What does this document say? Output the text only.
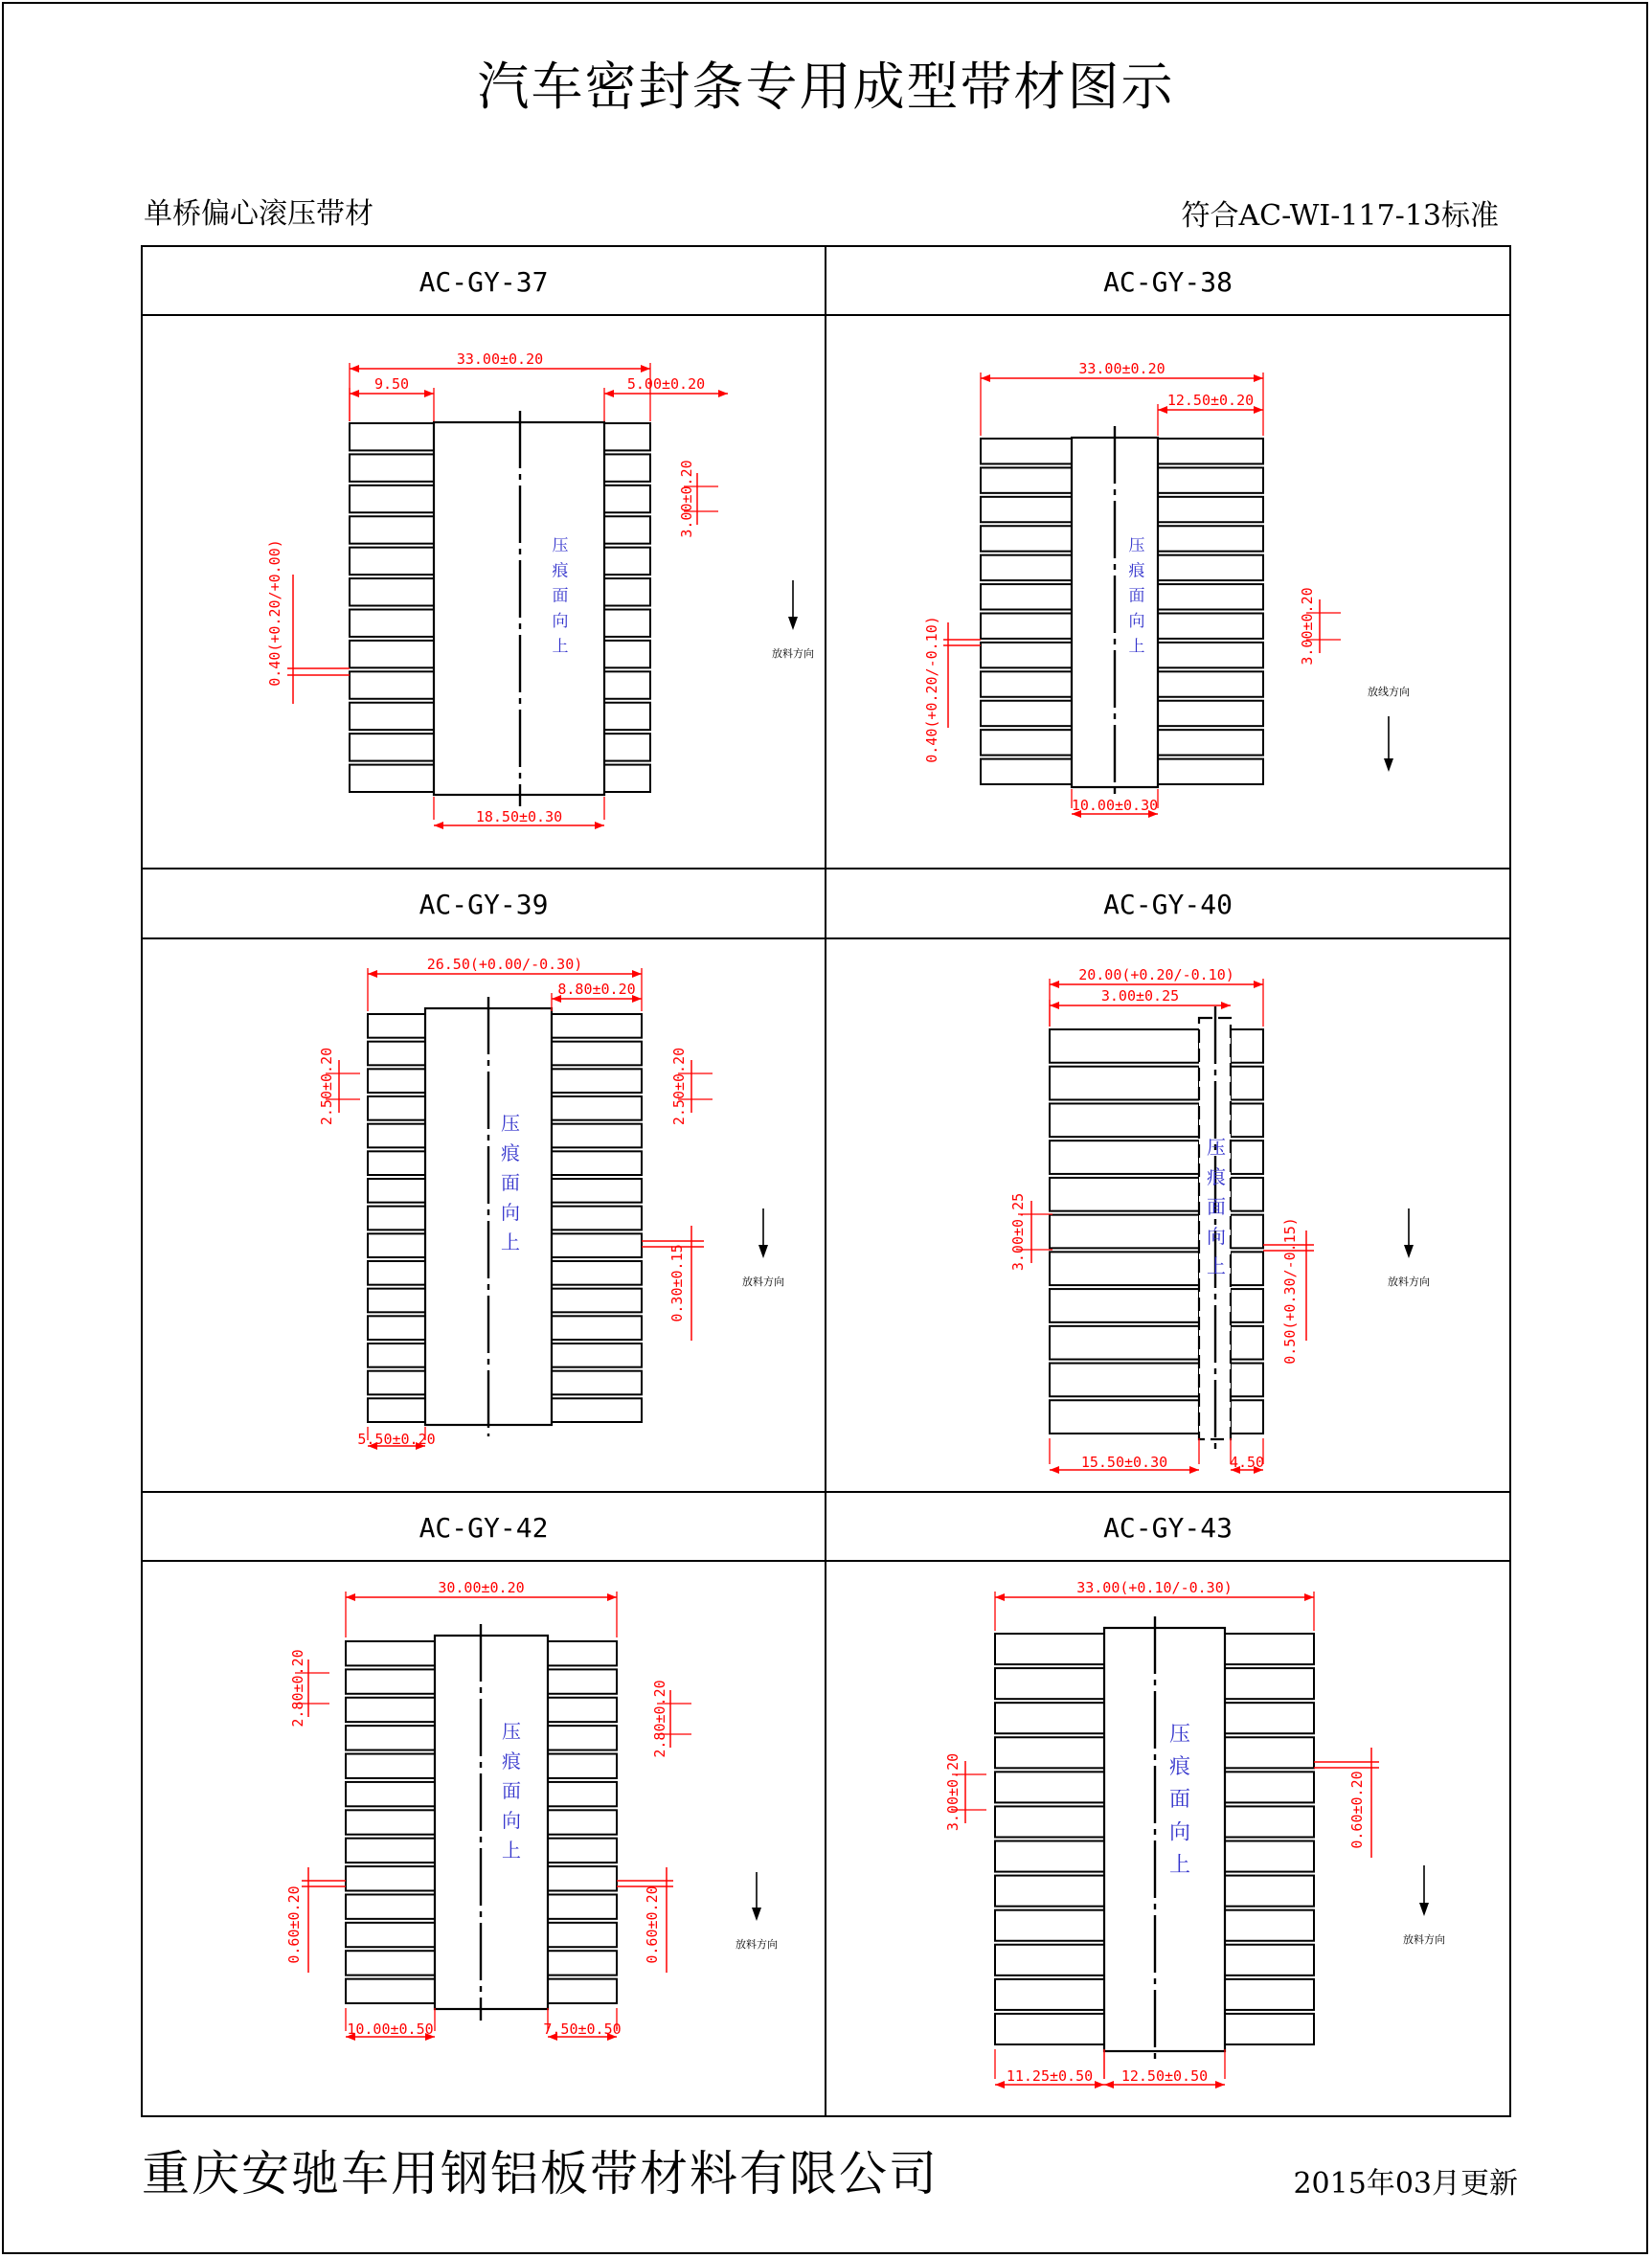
汽车密封条专用成型带材图示
单桥偏心滚压带材	符合AC-WI-117-13标准
重庆安驰车用钢铝板带材料有限公司	2015年03月更新
AC-GY-37
33.00±0.20
9.50	5.00±0.20
18.50±0.30
3.00±0.20
0.40(+0.20/+0.00)	压
痕
面
向
上	放料方向
AC-GY-38
33.00±0.20
12.50±0.20
10.00±0.30
3.00±0.20
0.40(+0.20/-0.10)
压
痕
面
向
上
放线方向
AC-GY-39
26.50(+0.00/-0.30)
8.80±0.20
5.50±0.20
2.50±0.20	2.50±0.20
0.30±0.15
压
痕
面
向
上
放料方向
AC-GY-40
20.00(+0.20/-0.10)
3.00±0.25
15.50±0.30	4.50
3.00±0.25	0.50(+0.30/-0.15)
压
痕
面
向
上
放料方向
AC-GY-42
30.00±0.20
10.00±0.50	7.50±0.50
2.80±0.20	2.80±0.20
0.60±0.20	0.60±0.20
压
痕
面
向
上
放料方向
AC-GY-43
33.00(+0.10/-0.30)
11.25±0.50 12.50±0.50
3.00±0.20	0.60±0.20
压
痕
面
向
上
放料方向
